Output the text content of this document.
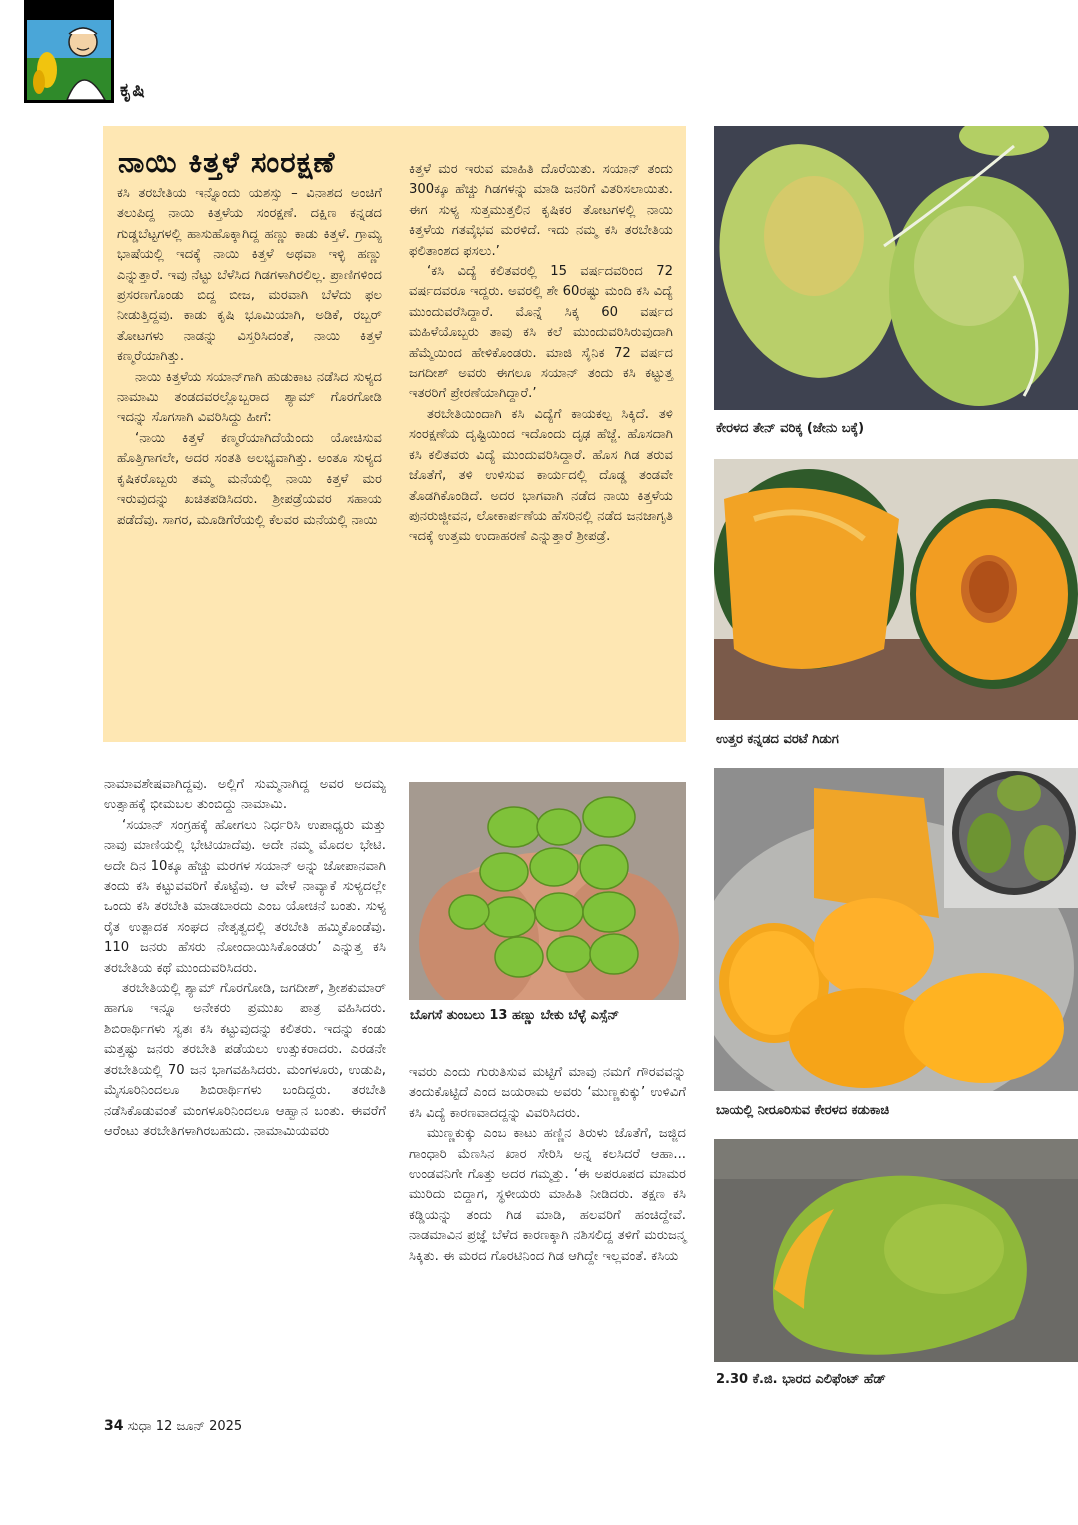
ಕೃಷಿ
ನಾಯಿ ಕಿತ್ತಳೆ ಸಂರಕ್ಷಣೆ

ಕಸಿ ತರಬೇತಿಯ ಇನ್ನೊಂದು ಯಶಸ್ಸು – ವಿನಾಶದ ಅಂಚಿಗೆ ತಲುಪಿದ್ದ ನಾಯಿ ಕಿತ್ತಳೆಯ ಸಂರಕ್ಷಣೆ. ದಕ್ಷಿಣ ಕನ್ನಡದ ಗುಡ್ಡಬೆಟ್ಟಗಳಲ್ಲಿ ಹಾಸುಹೊಕ್ಕಾಗಿದ್ದ ಹಣ್ಣು ಕಾಡು ಕಿತ್ತಳೆ. ಗ್ರಾಮ್ಯ ಭಾಷೆಯಲ್ಲಿ ಇದಕ್ಕೆ ನಾಯಿ ಕಿತ್ತಳೆ ಅಥವಾ ಇಳ್ಳಿ ಹಣ್ಣು ಎನ್ನುತ್ತಾರೆ. ಇವು ನೆಟ್ಟು ಬೆಳೆಸಿದ ಗಿಡಗಳಾಗಿರಲಿಲ್ಲ. ಪ್ರಾಣಿಗಳಿಂದ ಪ್ರಸರಣಗೊಂಡು ಬಿದ್ದ ಬೀಜ, ಮರವಾಗಿ ಬೆಳೆದು ಫಲ ನೀಡುತ್ತಿದ್ದವು. ಕಾಡು ಕೃಷಿ ಭೂಮಿಯಾಗಿ, ಅಡಿಕೆ, ರಬ್ಬರ್ ತೋಟಗಳು ನಾಡನ್ನು ವಿಸ್ತರಿಸಿದಂತೆ, ನಾಯಿ ಕಿತ್ತಳೆ ಕಣ್ಮರೆಯಾಗಿತ್ತು.

ನಾಯಿ ಕಿತ್ತಳೆಯ ಸಯಾನ್‌ಗಾಗಿ ಹುಡುಕಾಟ ನಡೆಸಿದ ಸುಳ್ಯದ ನಾಮಾಮಿ ತಂಡದವರಲ್ಲೊಬ್ಬರಾದ ಶ್ಯಾಮ್ ಗೊರಗೋಡಿ ಇದನ್ನು ಸೊಗಸಾಗಿ ವಿವರಿಸಿದ್ದು ಹೀಗೆ:

‘ನಾಯಿ ಕಿತ್ತಳೆ ಕಣ್ಮರೆಯಾಗಿದೆಯೆಂದು ಯೋಚಿಸುವ ಹೊತ್ತಿಗಾಗಲೇ, ಅದರ ಸಂತತಿ ಅಲಭ್ಯವಾಗಿತ್ತು. ಅಂತೂ ಸುಳ್ಯದ ಕೃಷಿಕರೊಬ್ಬರು ತಮ್ಮ ಮನೆಯಲ್ಲಿ ನಾಯಿ ಕಿತ್ತಳೆ ಮರ ಇರುವುದನ್ನು ಖಚಿತಪಡಿಸಿದರು. ಶ್ರೀಪಡ್ರೆಯವರ ಸಹಾಯ ಪಡೆದೆವು. ಸಾಗರ, ಮೂಡಿಗೆರೆಯಲ್ಲಿ ಕೆಲವರ ಮನೆಯಲ್ಲಿ ನಾಯಿ

ಕಿತ್ತಳೆ ಮರ ಇರುವ ಮಾಹಿತಿ ದೊರೆಯಿತು. ಸಯಾನ್ ತಂದು 300ಕ್ಕೂ ಹೆಚ್ಚು ಗಿಡಗಳನ್ನು ಮಾಡಿ ಜನರಿಗೆ ವಿತರಿಸಲಾಯಿತು. ಈಗ ಸುಳ್ಯ ಸುತ್ತಮುತ್ತಲಿನ ಕೃಷಿಕರ ತೋಟಗಳಲ್ಲಿ ನಾಯಿ ಕಿತ್ತಳೆಯ ಗತವೈಭವ ಮರಳಿದೆ. ಇದು ನಮ್ಮ ಕಸಿ ತರಬೇತಿಯ ಫಲಿತಾಂಶದ ಫಸಲು.’

‘ಕಸಿ ವಿದ್ಯೆ ಕಲಿತವರಲ್ಲಿ 15 ವರ್ಷದವರಿಂದ 72 ವರ್ಷದವರೂ ಇದ್ದರು. ಅವರಲ್ಲಿ ಶೇ 60ರಷ್ಟು ಮಂದಿ ಕಸಿ ವಿದ್ಯೆ ಮುಂದುವರೆಸಿದ್ದಾರೆ. ಮೊನ್ನೆ ಸಿಕ್ಕ 60 ವರ್ಷದ ಮಹಿಳೆಯೊಬ್ಬರು ತಾವು ಕಸಿ ಕಲೆ ಮುಂದುವರಿಸಿರುವುದಾಗಿ ಹೆಮ್ಮೆಯಿಂದ ಹೇಳಿಕೊಂಡರು. ಮಾಜಿ ಸೈನಿಕ 72 ವರ್ಷದ ಜಗದೀಶ್ ಅವರು ಈಗಲೂ ಸಯಾನ್ ತಂದು ಕಸಿ ಕಟ್ಟುತ್ತ ಇತರರಿಗೆ ಪ್ರೇರಣೆಯಾಗಿದ್ದಾರೆ.’

ತರಬೇತಿಯಿಂದಾಗಿ ಕಸಿ ವಿದ್ಯೆಗೆ ಕಾಯಕಲ್ಪ ಸಿಕ್ಕಿದೆ. ತಳಿ ಸಂರಕ್ಷಣೆಯ ದೃಷ್ಟಿಯಿಂದ ಇದೊಂದು ದೃಢ ಹೆಜ್ಜೆ. ಹೊಸದಾಗಿ ಕಸಿ ಕಲಿತವರು ವಿದ್ಯೆ ಮುಂದುವರಿಸಿದ್ದಾರೆ. ಹೊಸ ಗಿಡ ತರುವ ಜೊತೆಗೆ, ತಳಿ ಉಳಿಸುವ ಕಾರ್ಯದಲ್ಲಿ ದೊಡ್ಡ ತಂಡವೇ ತೊಡಗಿಕೊಂಡಿದೆ. ಅದರ ಭಾಗವಾಗಿ ನಡೆದ ನಾಯಿ ಕಿತ್ತಳೆಯ ಪುನರುಜ್ಜೀವನ, ಲೋಕಾರ್ಪಣೆಯ ಹೆಸರಿನಲ್ಲಿ ನಡೆದ ಜನಜಾಗೃತಿ ಇದಕ್ಕೆ ಉತ್ತಮ ಉದಾಹರಣೆ ಎನ್ನುತ್ತಾರೆ ಶ್ರೀಪಡ್ರೆ.

ನಾಮಾವಶೇಷವಾಗಿದ್ದವು. ಅಲ್ಲಿಗೆ ಸುಮ್ಮನಾಗಿದ್ದ ಅವರ ಅದಮ್ಯ ಉತ್ಸಾಹಕ್ಕೆ ಭೀಮಬಲ ತುಂಬಿದ್ದು ನಾಮಾಮಿ.

‘ಸಯಾನ್ ಸಂಗ್ರಹಕ್ಕೆ ಹೋಗಲು ನಿರ್ಧರಿಸಿ ಉಪಾಧ್ಯರು ಮತ್ತು ನಾವು ಮಾಣಿಯಲ್ಲಿ ಭೇಟಿಯಾದೆವು. ಅದೇ ನಮ್ಮ ಮೊದಲ ಭೇಟಿ. ಅದೇ ದಿನ 10ಕ್ಕೂ ಹೆಚ್ಚು ಮರಗಳ ಸಯಾನ್ ಅನ್ನು ಜೋಪಾನವಾಗಿ ತಂದು ಕಸಿ ಕಟ್ಟುವವರಿಗೆ ಕೊಟ್ಟೆವು. ಆ ವೇಳೆ ನಾವ್ಯಾಕೆ ಸುಳ್ಯದಲ್ಲೇ ಒಂದು ಕಸಿ ತರಬೇತಿ ಮಾಡಬಾರದು ಎಂಬ ಯೋಚನೆ ಬಂತು. ಸುಳ್ಯ ರೈತ ಉತ್ಪಾದಕ ಸಂಘದ ನೇತೃತ್ವದಲ್ಲಿ ತರಬೇತಿ ಹಮ್ಮಿಕೊಂಡೆವು. 110 ಜನರು ಹೆಸರು ನೋಂದಾಯಿಸಿಕೊಂಡರು’ ಎನ್ನುತ್ತ ಕಸಿ ತರಬೇತಿಯ ಕಥೆ ಮುಂದುವರಿಸಿದರು.

ತರಬೇತಿಯಲ್ಲಿ ಶ್ಯಾಮ್ ಗೊರಗೋಡಿ, ಜಗದೀಶ್, ಶ್ರೀಶಕುಮಾರ್ ಹಾಗೂ ಇನ್ನೂ ಅನೇಕರು ಪ್ರಮುಖ ಪಾತ್ರ ವಹಿಸಿದರು. ಶಿಬಿರಾರ್ಥಿಗಳು ಸ್ವತಃ ಕಸಿ ಕಟ್ಟುವುದನ್ನು ಕಲಿತರು. ಇದನ್ನು ಕಂಡು ಮತ್ತಷ್ಟು ಜನರು ತರಬೇತಿ ಪಡೆಯಲು ಉತ್ಸುಕರಾದರು. ಎರಡನೇ ತರಬೇತಿಯಲ್ಲಿ 70 ಜನ ಭಾಗವಹಿಸಿದರು. ಮಂಗಳೂರು, ಉಡುಪಿ, ಮೈಸೂರಿನಿಂದಲೂ ಶಿಬಿರಾರ್ಥಿಗಳು ಬಂದಿದ್ದರು. ತರಬೇತಿ ನಡೆಸಿಕೊಡುವಂತೆ ಮಂಗಳೂರಿನಿಂದಲೂ ಆಹ್ವಾನ ಬಂತು. ಈವರೆಗೆ ಆರೆಂಟು ತರಬೇತಿಗಳಾಗಿರಬಹುದು. ನಾಮಾಮಿಯವರು

ಬೊಗಸೆ ತುಂಬಲು 13 ಹಣ್ಣು ಬೇಕು ಬೆಳ್ಳೆ ಎಸ್ಸೆನ್

ಇವರು ಎಂದು ಗುರುತಿಸುವ ಮಟ್ಟಿಗೆ ಮಾವು ನಮಗೆ ಗೌರವವನ್ನು ತಂದುಕೊಟ್ಟಿದೆ ಎಂದ ಜಯರಾಮ ಅವರು ‘ಮುಣ್ಣಕುಕ್ಕು’ ಉಳಿವಿಗೆ ಕಸಿ ವಿದ್ಯೆ ಕಾರಣವಾದದ್ದನ್ನು ವಿವರಿಸಿದರು.

ಮುಣ್ಣಕುಕ್ಕು ಎಂಬ ಕಾಟು ಹಣ್ಣಿನ ತಿರುಳು ಜೊತೆಗೆ, ಜಜ್ಜಿದ ಗಾಂಧಾರಿ ಮೆಣಸಿನ ಖಾರ ಸೇರಿಸಿ ಅನ್ನ ಕಲಸಿದರೆ ಆಹಾ... ಉಂಡವನಿಗೇ ಗೊತ್ತು ಅದರ ಗಮ್ಮತ್ತು. ‘ಈ ಅಪರೂಪದ ಮಾಮರ ಮುರಿದು ಬಿದ್ದಾಗ, ಸ್ಥಳೀಯರು ಮಾಹಿತಿ ನೀಡಿದರು. ತಕ್ಷಣ ಕಸಿ ಕಡ್ಡಿಯನ್ನು ತಂದು ಗಿಡ ಮಾಡಿ, ಹಲವರಿಗೆ ಹಂಚಿದ್ದೇವೆ. ನಾಡಮಾವಿನ ಪ್ರಜ್ಞೆ ಬೆಳೆದ ಕಾರಣಕ್ಕಾಗಿ ನಶಿಸಲಿದ್ದ ತಳಿಗೆ ಮರುಜನ್ಮ ಸಿಕ್ಕಿತು. ಈ ಮರದ ಗೊರಟಿನಿಂದ ಗಿಡ ಆಗಿದ್ದೇ ಇಲ್ಲವಂತೆ. ಕಸಿಯ

ಕೇರಳದ ತೇನ್ ವರಿಕ್ಕ (ಜೇನು ಬಕ್ಕೆ)
ಉತ್ತರ ಕನ್ನಡದ ವರಟೆ ಗಿಡುಗ
ಬಾಯಲ್ಲಿ ನೀರೂರಿಸುವ ಕೇರಳದ ಕಡುಕಾಚಿ
2.30 ಕೆ.ಜಿ. ಭಾರದ ಎಲಿಫೆಂಟ್ ಹೆಡ್
34 ಸುಧಾ 12 ಜೂನ್ 2025
